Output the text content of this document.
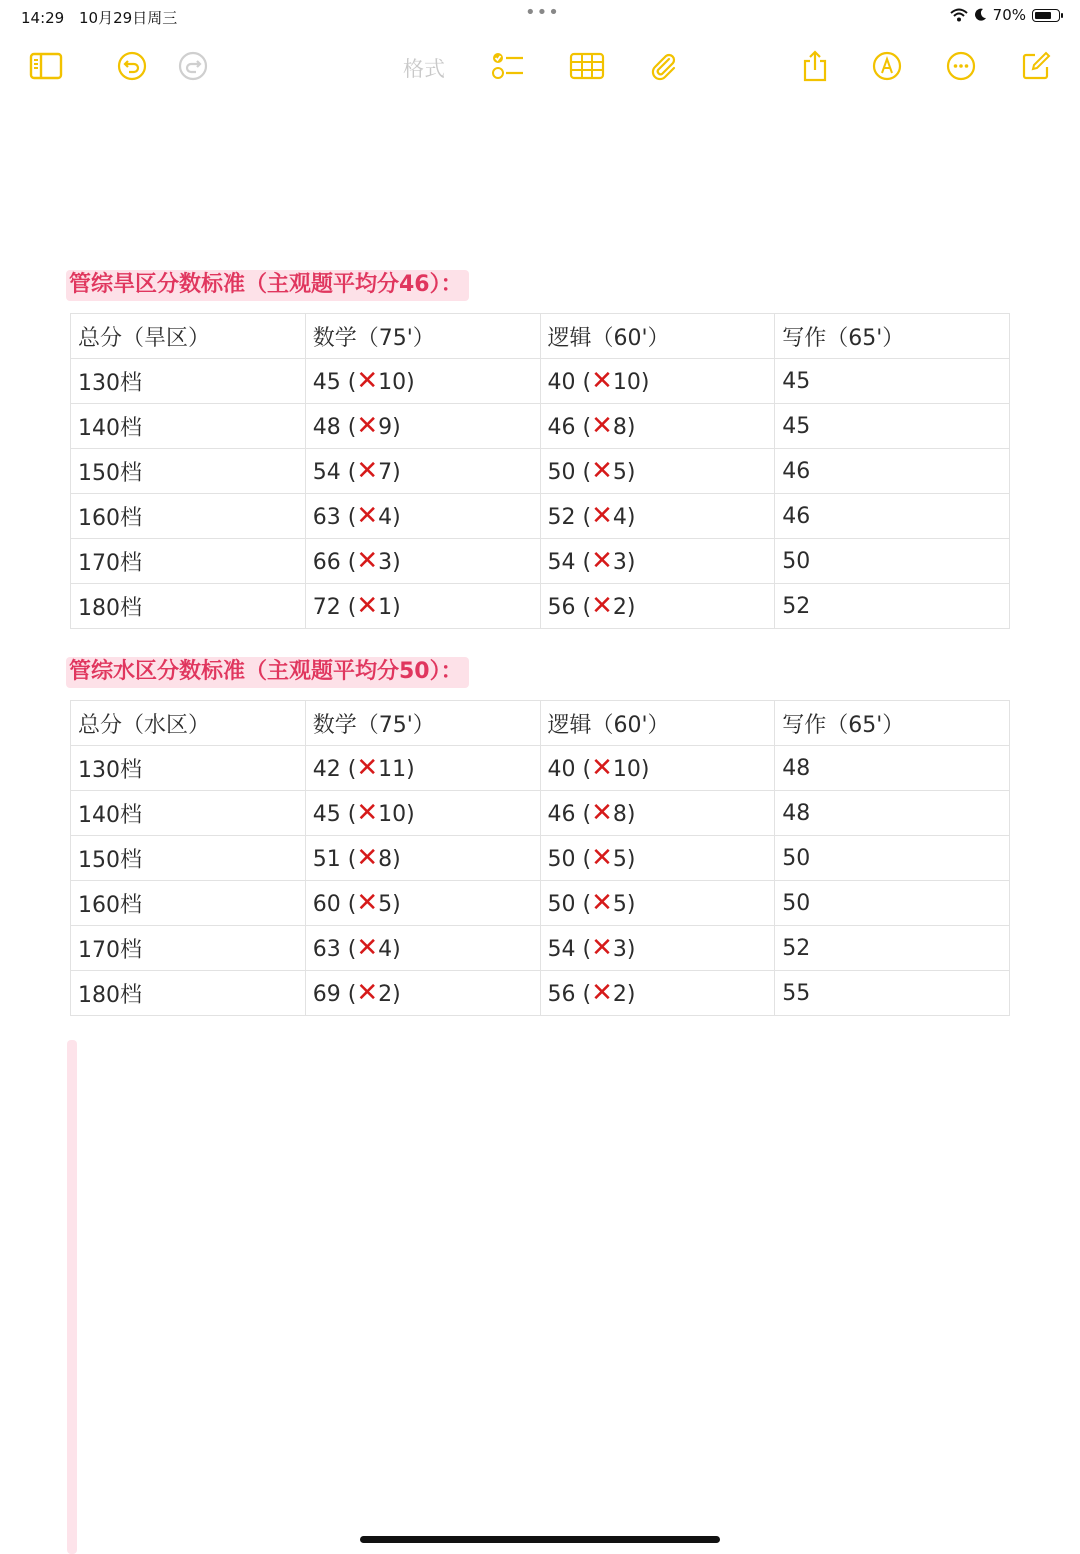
14:29 10月29日周三	•••	70%
格式
管综旱区分数标准（主观题平均分46）：
总分（旱区）	数学（75'）	逻辑（60'）	写作（65'）
130档	45 (✕10)	40 (✕10)	45
140档	48 (✕9)	46 (✕8)	45
150档	54 (✕7)	50 (✕5)	46
160档	63 (✕4)	52 (✕4)	46
170档	66 (✕3)	54 (✕3)	50
180档	72 (✕1)	56 (✕2)	52
管综水区分数标准（主观题平均分50）：
总分（水区）	数学（75'）	逻辑（60'）	写作（65'）
130档	42 (✕11)	40 (✕10)	48
140档	45 (✕10)	46 (✕8)	48
150档	51 (✕8)	50 (✕5)	50
160档	60 (✕5)	50 (✕5)	50
170档	63 (✕4)	54 (✕3)	52
180档	69 (✕2)	56 (✕2)	55
